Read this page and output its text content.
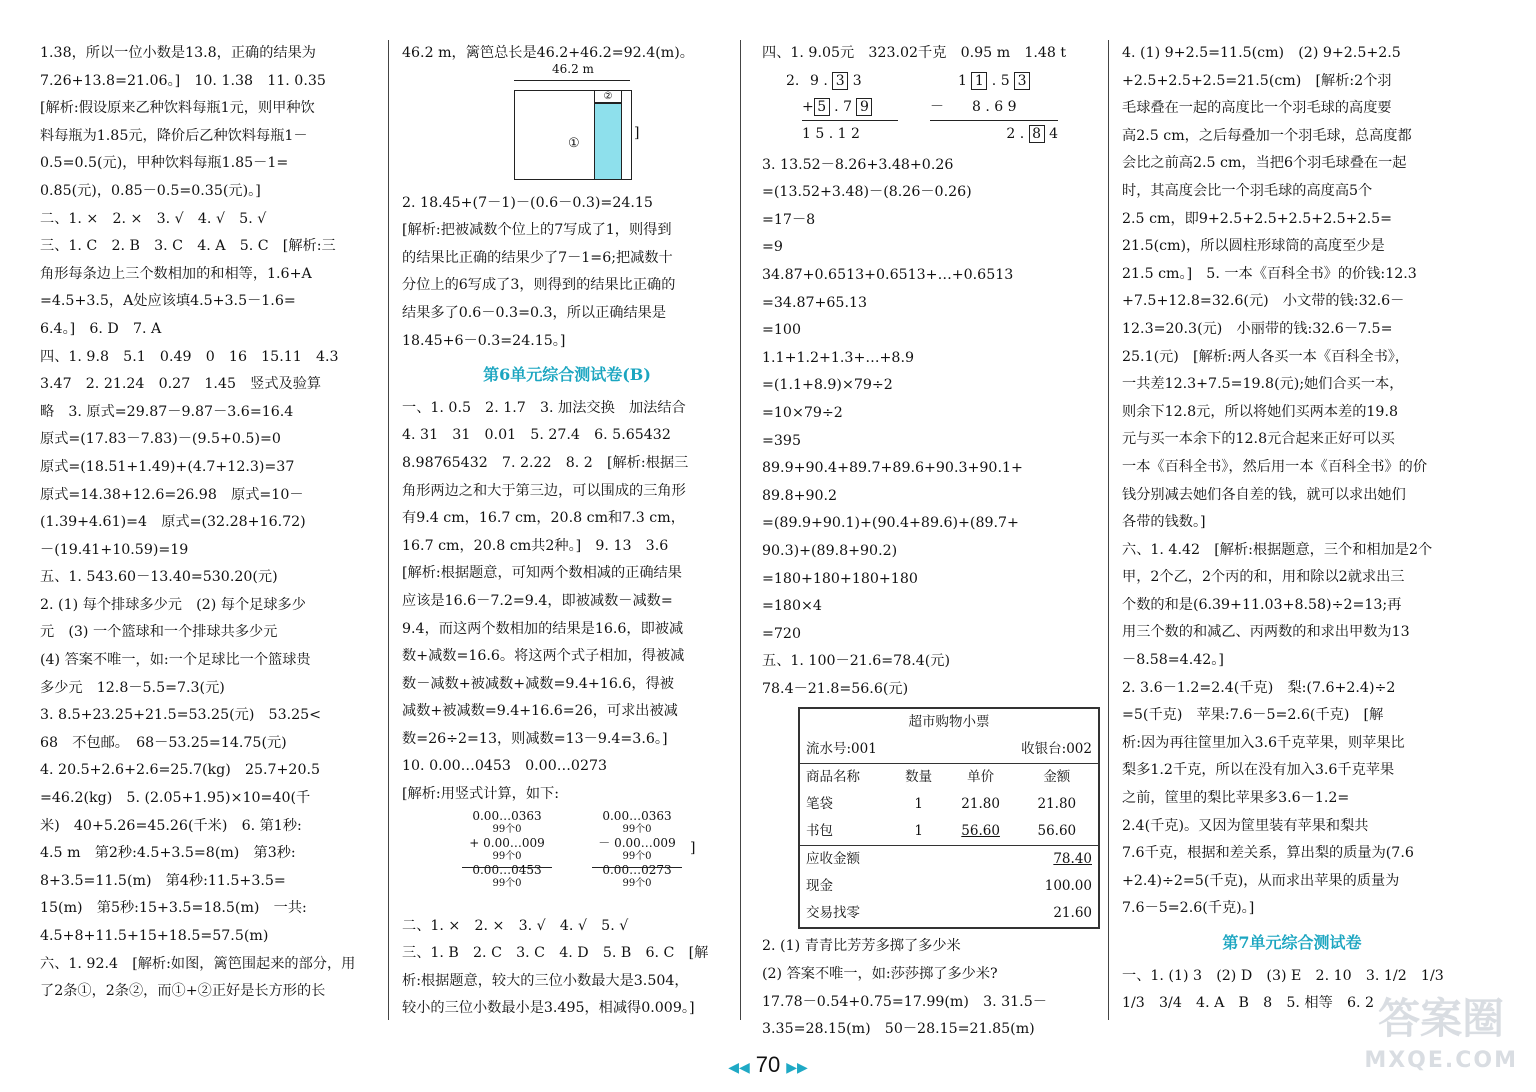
1.38，所以一位小数是13.8，正确的结果为

7.26+13.8=21.06。]　10. 1.38　11. 0.35

[解析:假设原来乙种饮料每瓶1元，则甲种饮

料每瓶为1.85元，降价后乙种饮料每瓶1－

0.5=0.5(元)，甲种饮料每瓶1.85－1=

0.85(元)，0.85－0.5=0.35(元)。]

二、1. ×　2. ×　3. √　4. √　5. √

三、1. C　2. B　3. C　4. A　5. C　[解析:三

角形每条边上三个数相加的和相等，1.6+A

=4.5+3.5，A处应该填4.5+3.5－1.6=

6.4。]　6. D　7. A

四、1. 9.8　5.1　0.49　0　16　15.11　4.3

3.47　2. 21.24　0.27　1.45　竖式及验算

略　3. 原式=29.87－9.87－3.6=16.4

原式=(17.83－7.83)－(9.5+0.5)=0

原式=(18.51+1.49)+(4.7+12.3)=37

原式=14.38+12.6=26.98　原式=10－

(1.39+4.61)=4　原式=(32.28+16.72)

－(19.41+10.59)=19

五、1. 543.60－13.40=530.20(元)

2. (1) 每个排球多少元　(2) 每个足球多少

元　(3) 一个篮球和一个排球共多少元

(4) 答案不唯一，如:一个足球比一个篮球贵

多少元　12.8－5.5=7.3(元)

3. 8.5+23.25+21.5=53.25(元)　53.25<

68　不包邮。　68－53.25=14.75(元)

4. 20.5+2.6+2.6=25.7(kg)　25.7+20.5

=46.2(kg)　5. (2.05+1.95)×10=40(千

米)　40+5.26=45.26(千米)　6. 第1秒:

4.5 m　第2秒:4.5+3.5=8(m)　第3秒:

8+3.5=11.5(m)　第4秒:11.5+3.5=

15(m)　第5秒:15+3.5=18.5(m)　一共:

4.5+8+11.5+15+18.5=57.5(m)

六、1. 92.4　[解析:如图，篱笆围起来的部分，用

了2条①，2条②，而①+②正好是长方形的长

46.2 m，篱笆总长是46.2+46.2=92.4(m)。

46.2 m
②
①
]

2. 18.45+(7－1)－(0.6－0.3)=24.15

[解析:把被减数个位上的7写成了1，则得到

的结果比正确的结果少了7－1=6;把减数十

分位上的6写成了3，则得到的结果比正确的

结果多了0.6－0.3=0.3，所以正确结果是

18.45+6－0.3=24.15。]

第6单元综合测试卷(B)

一、1. 0.5　2. 1.7　3. 加法交换　加法结合

4. 31　31　0.01　5. 27.4　6. 5.65432

8.98765432　7. 2.22　8. 2　[解析:根据三

角形两边之和大于第三边，可以围成的三角形

有9.4 cm，16.7 cm，20.8 cm和7.3 cm，

16.7 cm，20.8 cm共2种。]　9. 13　3.6

[解析:根据题意，可知两个数相减的正确结果

应该是16.6－7.2=9.4，即被减数－减数=

9.4，而这两个数相加的结果是16.6，即被减

数+减数=16.6。将这两个式子相加，得被减

数－减数+被减数+减数=9.4+16.6，得被

减数+被减数=9.4+16.6=26，可求出被减

数=26÷2=13，则减数=13－9.4=3.6。]

10. 0.00…0453　0.00…0273

[解析:用竖式计算，如下:

0.00…0363
99个0
+ 0.00…009
99个0
0.00…0453
99个0
0.00…0363
99个0
－ 0.00…009
99个0
0.00…0273
99个0
]

二、1. ×　2. ×　3. √　4. √　5. √

三、1. B　2. C　3. C　4. D　5. B　6. C　[解

析:根据题意，较大的三位小数最大是3.504，

较小的三位小数最小是3.495，相减得0.009。]

四、1. 9.05元　323.02千克　0.95 m　1.48 t

2. 9 . 3 3
+ 5 . 7 9
1 5 . 1 2
1 1 . 5 3
－　　8 . 6 9
2 . 8 4

3. 13.52－8.26+3.48+0.26

=(13.52+3.48)－(8.26－0.26)

=17－8

=9

34.87+0.6513+0.6513+…+0.6513

=34.87+65.13

=100

1.1+1.2+1.3+…+8.9

=(1.1+8.9)×79÷2

=10×79÷2

=395

89.9+90.4+89.7+89.6+90.3+90.1+

89.8+90.2

=(89.9+90.1)+(90.4+89.6)+(89.7+

90.3)+(89.8+90.2)

=180+180+180+180

=180×4

=720

五、1. 100－21.6=78.4(元)

78.4－21.8=56.6(元)

超市购物小票			
流水号:001		收银台:002	
商品名称	数量	单价	金额
笔袋	1	21.80	21.80
书包	1	56.60	56.60
应收金额			78.40
现金			100.00
交易找零			21.60

2. (1) 青青比芳芳多掷了多少米

(2) 答案不唯一，如:莎莎掷了多少米?

17.78－0.54+0.75=17.99(m)　3. 31.5－

3.35=28.15(m)　50－28.15=21.85(m)

4. (1) 9+2.5=11.5(cm)　(2) 9+2.5+2.5

+2.5+2.5+2.5=21.5(cm)　[解析:2个羽

毛球叠在一起的高度比一个羽毛球的高度要

高2.5 cm，之后每叠加一个羽毛球，总高度都

会比之前高2.5 cm，当把6个羽毛球叠在一起

时，其高度会比一个羽毛球的高度高5个

2.5 cm，即9+2.5+2.5+2.5+2.5+2.5=

21.5(cm)，所以圆柱形球筒的高度至少是

21.5 cm。]　5. 一本《百科全书》的价钱:12.3

+7.5+12.8=32.6(元)　小文带的钱:32.6－

12.3=20.3(元)　小丽带的钱:32.6－7.5=

25.1(元)　[解析:两人各买一本《百科全书》，

一共差12.3+7.5=19.8(元);她们合买一本，

则余下12.8元，所以将她们买两本差的19.8

元与买一本余下的12.8元合起来正好可以买

一本《百科全书》，然后用一本《百科全书》的价

钱分别减去她们各自差的钱，就可以求出她们

各带的钱数。]

六、1. 4.42　[解析:根据题意，三个和相加是2个

甲，2个乙，2个丙的和，用和除以2就求出三

个数的和是(6.39+11.03+8.58)÷2=13;再

用三个数的和减乙、丙两数的和求出甲数为13

－8.58=4.42。]

2. 3.6－1.2=2.4(千克)　梨:(7.6+2.4)÷2

=5(千克)　苹果:7.6－5=2.6(千克)　[解

析:因为再往筐里加入3.6千克苹果，则苹果比

梨多1.2千克，所以在没有加入3.6千克苹果

之前，筐里的梨比苹果多3.6－1.2=

2.4(千克)。又因为筐里装有苹果和梨共

7.6千克，根据和差关系，算出梨的质量为(7.6

+2.4)÷2=5(千克)，从而求出苹果的质量为

7.6－5=2.6(千克)。]

第7单元综合测试卷

一、1. (1) 3　(2) D　(3) E　2. 10　3. 1/2　1/3

1/3　3/4　4. A　B　8　5. 相等　6. 2

◀◀ 70 ▶▶
答案圈
MXQE.COM
